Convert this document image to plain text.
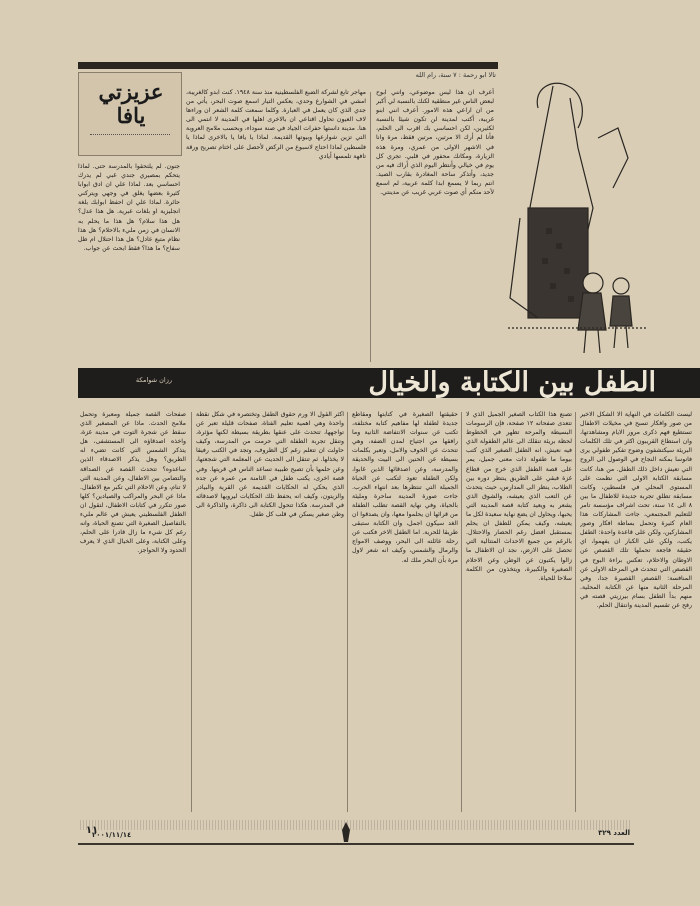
تالا ابو رحمة : ٧ سنة، رام الله
عزيزتي يافا

أعرف ان هذا ليس موضوعي، وانني ابوح لبعض الناس غير منطقية لكنك بالنسبة لي أكبر من ان اراعي هذه الامور. أعرف انني ابنو غريبة، أكتب لمدينة لن تكون شيئا بالنسبة لكثيرين، لكن احساسي بك اقرب الى الحلم، فأنا لم أرك الا مرتين، مرتين فقط، مرة وانا في الاشهر الاولى من عمري، ومرة هذه الزيارة، ومكانك محفور في قلبي. تجري كل يوم في خيالي وأنتظر اليوم الذي أراك فيه من جديد، وأتذكر ساحة المغادرة بقارب الصيد. انتم ربما لا يسمع ابدا كلمة عربية، لم اسمع لأحد منكم أي صوت عربي غريب عن مدينتي.

مهاجر تابع لشركة الضبع الفلسطينية منذ سنة ١٩٤٨. كنت ابدو كالغريبة، امشي في الشوارع وحدي، يعكس التيار اسمع صوت البحر، يأتي من جدي الذي كان يعمل في العبارة. وكلما سمعت كلمة الشعر ان وراءها لاف العيون تحاول اقناعي ان بالاخرى اهلها في المدينة لا انتمي الى هنا. مدينة داستها حفرات الجياد في صنة سوداء، وبحسب ملامح العروبة التي تزين شوارعها وبيوتها القديمة. لماذا يا يافا يا بالاخرى لماذا يا فلسطين لماذا احتاج لاسبوع من الركض لأحصل على اختام تصريح ورقة تافهة تلمسها أيادي

جنون. لم يلتحقوا بالمدرسة حتى. لماذا يتحكم بمصيري جندي غبي لم يدرك احساسي بعد. لماذا علي ان ادق ابوابا كثيرة بعضها يغلق في وجهي ويتركني حائرة. لماذا علي ان احفظ ابوابك بلغة انجليزية او بلغات عبرية. هل هذا عدل؟ هل هذا سلام؟ هل هذا ما يحلم به الانسان في زمن مليء بالاحلام؟ هل هذا نظام متبع عادل؟ هل هذا احتلال ام ظل سفاح؟ ما هذا؟ فقط ابحث عن جواب.

الطفل بين الكتابة والخيال
رزان شوامكة

ليست الكلمات في النهاية الا الشكل الاخير من صور وافكار تسبح في مخيلات الاطفال تستطيع فهم ذكرى مرور الايام ومشاهدتها، وان استطاع القريبون اكثر في تلك الكلمات البريئة سيكتشفون وضوح تفكير طفولي يرى فانوسا بمكنه النجاح في الوصول الى الروح التي تعيش داخل ذلك الطفل. من هنا، كانت مسابقة الكتابة الاولى التي نظمت على المستوى المحلي في فلسطين، وكانت مسابقة تطلق تجربة جديدة للاطفال ما بين ٨ الى ١٤ سنة، تحت اشراف مؤسسة تامر للتعليم المجتمعي، جاءت المشاركات هذا العام كثيرة وتحمل بساطة افكار وصور المشاركين، ولكن على قاعدة واحدة: الطفل يكتب، ولكن على الكبار ان يفهموا، اي حقيقة فاجعة تحملها تلك القصص عن الاوطان والاحلام، تعكس براءة البوح في القصص التي تتحدث في المرحلة الاولى عن المنافسة: القصص القصيرة جدا، وفي المرحلة الثانية منها عن الكتابة المحلية. منهم بدأ الطفل بسام بيرزيتي قصته في رفح عن تقسيم المدينة وانتقال الحلم.

تصنع هذا الكتاب الصغير الجميل الذي لا تتعدى صفحاته ١٢ صفحة، فإن الرسومات البسيطة والمرحة تظهر في الخطوط لحظة بريئة تنقلك الى عالم الطفولة الذي فيه نعيش، انه الطفل الصغير الذي كتب بيوما ما طفولة ذات معنى جميل، يمر على قصة الطفل الذي خرج من قطاع غزة فبقي على الطريق ينتظر دوره بين الطلاب، ينظر الى المدارس، حيث يتحدث عن التعب الذي يعيشه، والشوق الذي يشعر به ويعيد كتابة قصة المدينة التي يحبها، ويحاول ان يضع نهاية سعيدة لكل ما يعيشه، وكيف يمكن للطفل ان يحلم بمستقبل افضل رغم الحصار والاحتلال. بالرغم من جميع الاحداث المتتالية التي تحصل على الارض، نجد ان الاطفال ما زالوا يكتبون عن الوطن وعن الاحلام الصغيرة والكبيرة، ويتخذون من الكلمة سلاحا للحياة.

حقيقتها الصغيرة في كتابتها ومقاطع جديدة لطفلة لها مفاهيم كتابة مختلفة، تكتب عن سنوات الانتفاضة الثانية وما رافقها من اجتياح لمدن الضفة، وهي تتحدث عن الخوف والامل، وتعبر بكلمات بسيطة عن الحنين الى البيت والحديقة والمدرسة، وعن اصدقائها الذين غابوا، ولكن الطفلة تعود لتكتب عن الحياة الجميلة التي تنتظرها بعد انتهاء الحرب. جاءت صورة المدينة ساحرة ومليئة بالحياة، وفي نهاية القصة تطلب الطفلة من قرائها ان يحلموا معها، وان يصدقوا ان الغد سيكون اجمل، وان الكتابة ستبقى طريقا للحرية. اما الطفل الاخر فكتب عن رحلة عائلته الى البحر، ووصف الامواج والرمال والشمس، وكيف انه شعر لاول مرة بأن البحر ملك له.

اكثر القول الا ورم حقوق الطفل وتختصره في شكل نقطة واحدة وهي اهمية تعليم الفتاة، صفحات قليلة تعبر عن تواجهها، تتحدث على عنقها بطريقة بسيطة لكنها مؤثرة، وتنقل تجربة الطفلة التي حرمت من المدرسة، وكيف حاولت ان تتعلم رغم كل الظروف، وتجد في الكتب رفيقا لا يخذلها. ثم تنتقل الى الحديث عن المعلمة التي شجعتها، وعن حلمها بأن تصبح طبيبة تساعد الناس في قريتها. وفي قصة اخرى، يكتب طفل في الثامنة من عمره عن جده الذي يحكي له الحكايات القديمة عن القرية والبيادر والزيتون، وكيف انه يحفظ تلك الحكايات ليرويها لاصدقائه في المدرسة. هكذا تتحول الكتابة الى ذاكرة، والذاكرة الى وطن صغير يسكن في قلب كل طفل.

صفحات القصة جميلة ومعبرة وتحمل ملامح الحدث. ماذا عن المصغير الذي سقط عن شجرة التوت في مدينة غزة، واخذه اصدقاؤه الى المستشفى، هل يتذكر الشمس التي كانت تضيء له الطريق؟ وهل يذكر الاصدقاء الذين ساعدوه؟ تتحدث القصة عن الصداقة والتضامن بين الاطفال، وعن المدينة التي لا تنام، وعن الاحلام التي تكبر مع الاطفال. ماذا عن البحر والمراكب والصيادين؟ كلها صور تتكرر في كتابات الاطفال، لتقول ان الطفل الفلسطيني يعيش في عالم مليء بالتفاصيل الصغيرة التي تصنع الحياة، وانه رغم كل شيء ما زال قادرا على الحلم، وعلى الكتابة، وعلى الخيال الذي لا يعرف الحدود ولا الحواجز.

العدد ٣٢٩
٢٠٠١/١١/١٤
١١
